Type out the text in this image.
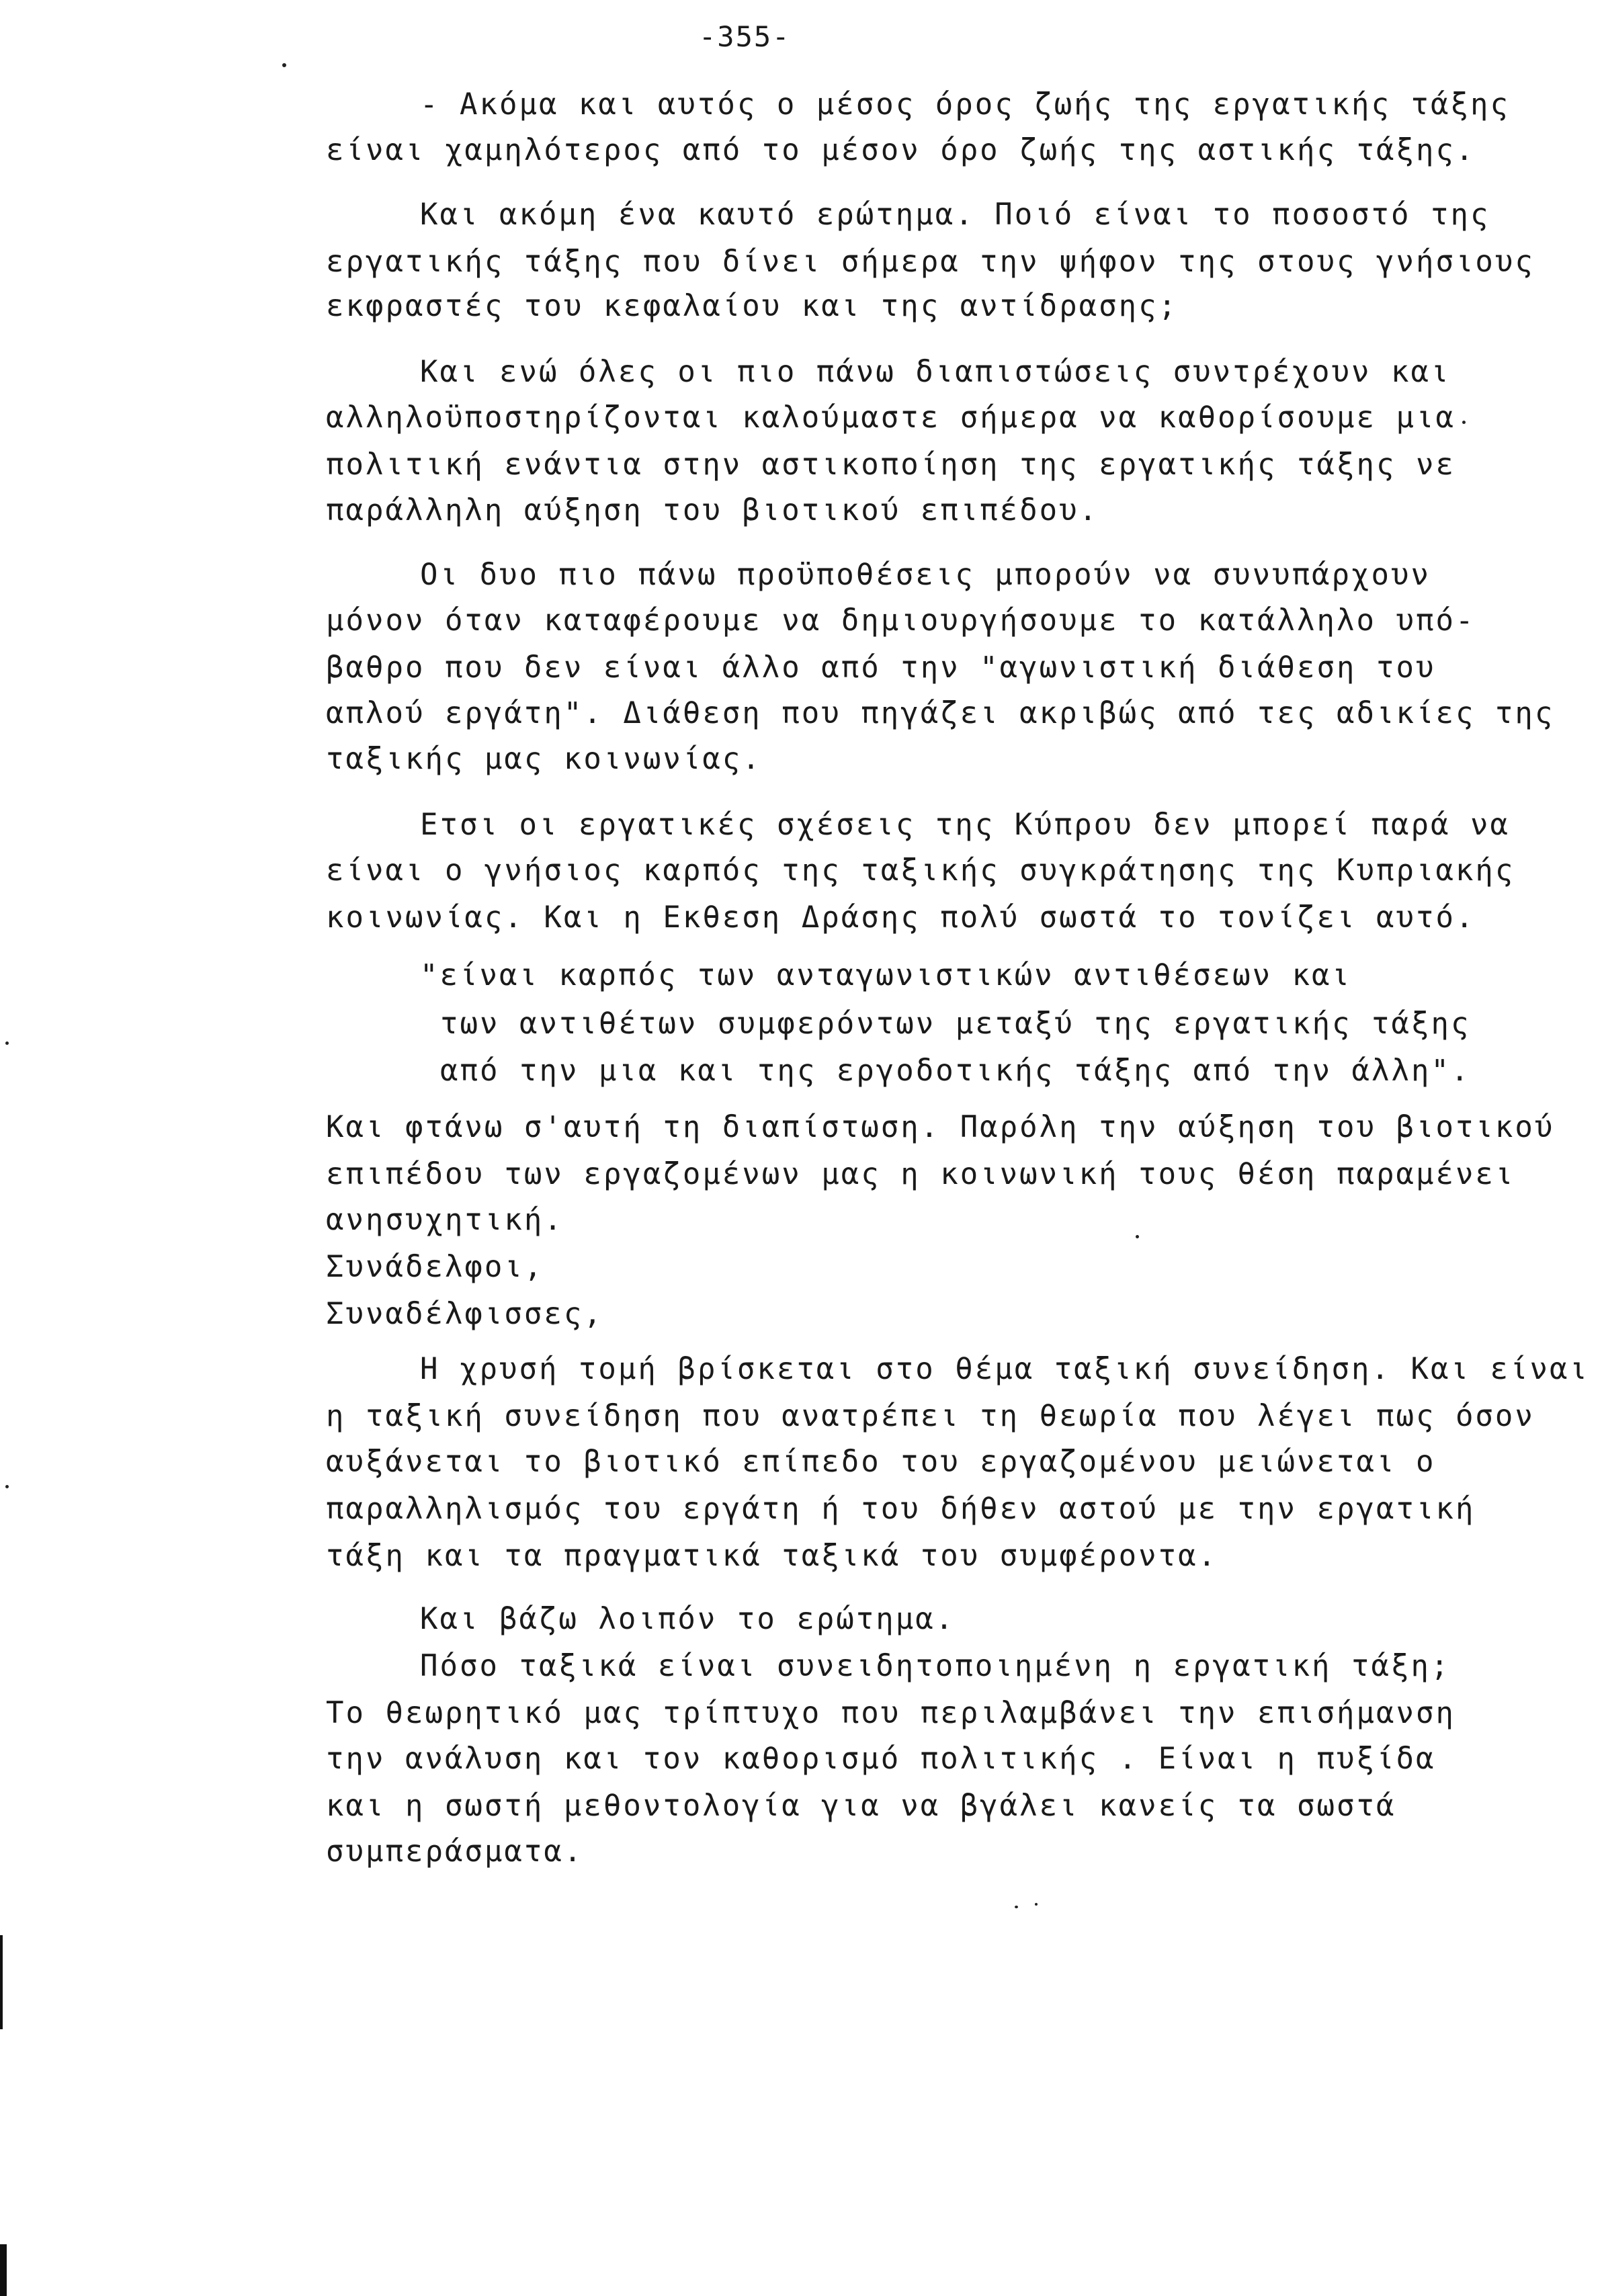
-355-
- Ακόμα και αυτός ο μέσος όρος ζωής της εργατικής τάξης
είναι χαμηλότερος από το μέσον όρο ζωής της αστικής τάξης.
Και ακόμη ένα καυτό ερώτημα. Ποιό είναι το ποσοστό της
εργατικής τάξης που δίνει σήμερα την ψήφον της στους γνήσιους
εκφραστές του κεφαλαίου και της αντίδρασης;
Και ενώ όλες οι πιο πάνω διαπιστώσεις συντρέχουν και
αλληλοϋποστηρίζονται καλούμαστε σήμερα να καθορίσουμε μια
πολιτική ενάντια στην αστικοποίηση της εργατικής τάξης νε
παράλληλη αύξηση του βιοτικού επιπέδου.
Οι δυο πιο πάνω προϋποθέσεις μπορούν να συνυπάρχουν
μόνον όταν καταφέρουμε να δημιουργήσουμε το κατάλληλο υπό-
βαθρο που δεν είναι άλλο από την "αγωνιστική διάθεση του
απλού εργάτη". Διάθεση που πηγάζει ακριβώς από τες αδικίες της
ταξικής μας κοινωνίας.
Ετσι οι εργατικές σχέσεις της Κύπρου δεν μπορεί παρά να
είναι ο γνήσιος καρπός της ταξικής συγκράτησης της Κυπριακής
κοινωνίας. Και η Εκθεση Δράσης πολύ σωστά το τονίζει αυτό.
"είναι καρπός των ανταγωνιστικών αντιθέσεων και
των αντιθέτων συμφερόντων μεταξύ της εργατικής τάξης
από την μια και της εργοδοτικής τάξης από την άλλη".
Και φτάνω σ'αυτή τη διαπίστωση. Παρόλη την αύξηση του βιοτικού
επιπέδου των εργαζομένων μας η κοινωνική τους θέση παραμένει
ανησυχητική.
Συνάδελφοι,
Συναδέλφισσες,
Η χρυσή τομή βρίσκεται στο θέμα ταξική συνείδηση. Και είναι
η ταξική συνείδηση που ανατρέπει τη θεωρία που λέγει πως όσον
αυξάνεται το βιοτικό επίπεδο του εργαζομένου μειώνεται ο
παραλληλισμός του εργάτη ή του δήθεν αστού με την εργατική
τάξη και τα πραγματικά ταξικά του συμφέροντα.
Και βάζω λοιπόν το ερώτημα.
Πόσο ταξικά είναι συνειδητοποιημένη η εργατική τάξη;
Το θεωρητικό μας τρίπτυχο που περιλαμβάνει την επισήμανση
την ανάλυση και τον καθορισμό πολιτικής . Είναι η πυξίδα
και η σωστή μεθοντολογία για να βγάλει κανείς τα σωστά
συμπεράσματα.
